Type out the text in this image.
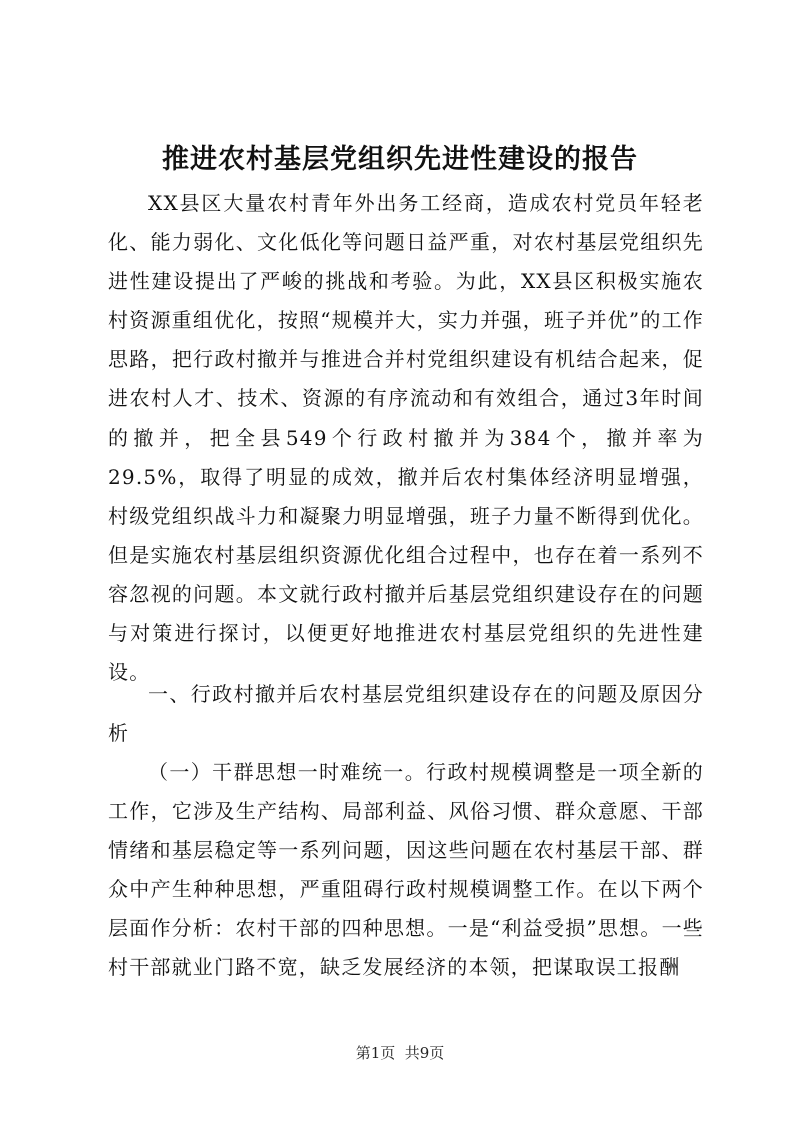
推进农村基层党组织先进性建设的报告

XX县区大量农村青年外出务工经商，造成农村党员年轻老化、能力弱化、文化低化等问题日益严重，对农村基层党组织先进性建设提出了严峻的挑战和考验。为此，XX县区积极实施农村资源重组优化，按照“规模并大，实力并强，班子并优”的工作思路，把行政村撤并与推进合并村党组织建设有机结合起来，促进农村人才、技术、资源的有序流动和有效组合，通过3年时间的撤并，把全县549个行政村撤并为384个，撤并率为29.5%，取得了明显的成效，撤并后农村集体经济明显增强，村级党组织战斗力和凝聚力明显增强，班子力量不断得到优化。但是实施农村基层组织资源优化组合过程中，也存在着一系列不容忽视的问题。本文就行政村撤并后基层党组织建设存在的问题与对策进行探讨，以便更好地推进农村基层党组织的先进性建设。

一、行政村撤并后农村基层党组织建设存在的问题及原因分析

（一）干群思想一时难统一。行政村规模调整是一项全新的工作，它涉及生产结构、局部利益、风俗习惯、群众意愿、干部情绪和基层稳定等一系列问题，因这些问题在农村基层干部、群众中产生种种思想，严重阻碍行政村规模调整工作。在以下两个层面作分析：农村干部的四种思想。一是“利益受损”思想。一些村干部就业门路不宽，缺乏发展经济的本领，把谋取误工报酬

第1页  共9页
